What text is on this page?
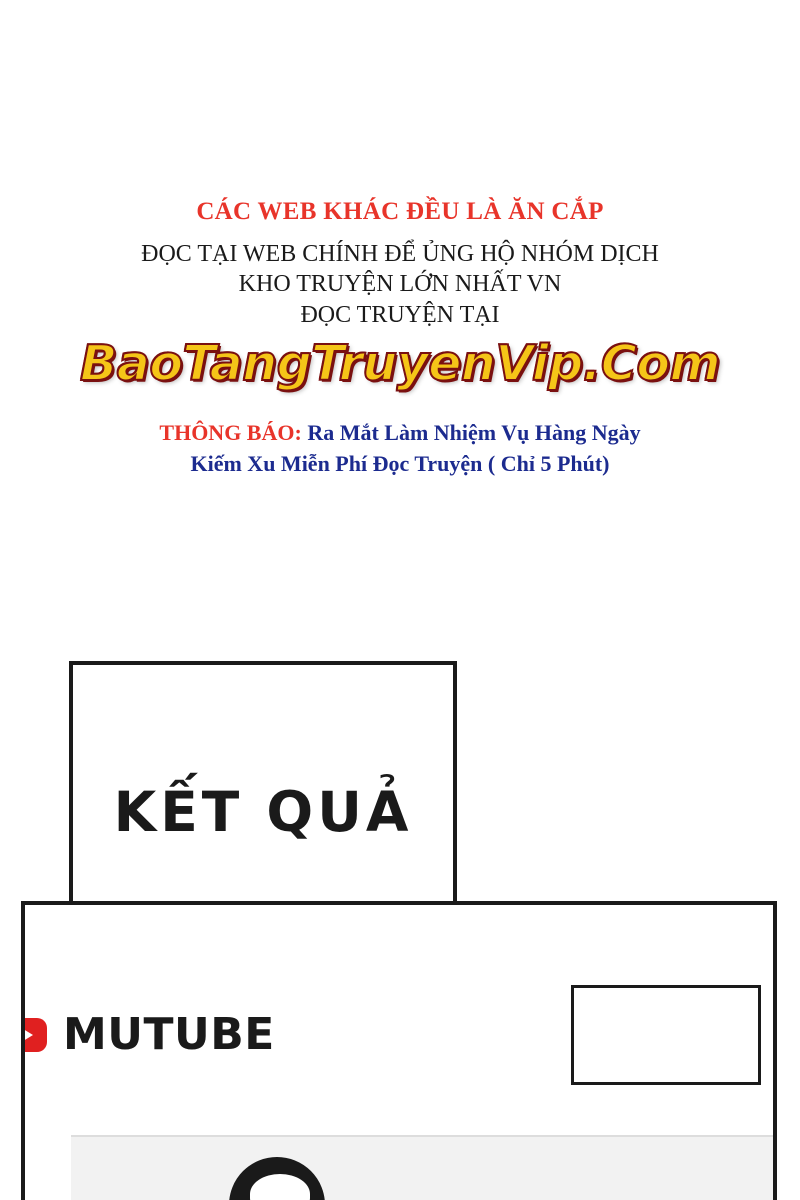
CÁC WEB KHÁC ĐỀU LÀ ĂN CẮP
ĐỌC TẠI WEB CHÍNH ĐỂ ỦNG HỘ NHÓM DỊCH
KHO TRUYỆN LỚN NHẤT VN
ĐỌC TRUYỆN TẠI
BaoTangTruyenVip.Com
THÔNG BÁO: Ra Mắt Làm Nhiệm Vụ Hàng Ngày
Kiếm Xu Miễn Phí Đọc Truyện ( Chỉ 5 Phút)
KẾT QUẢ
MUTUBE
